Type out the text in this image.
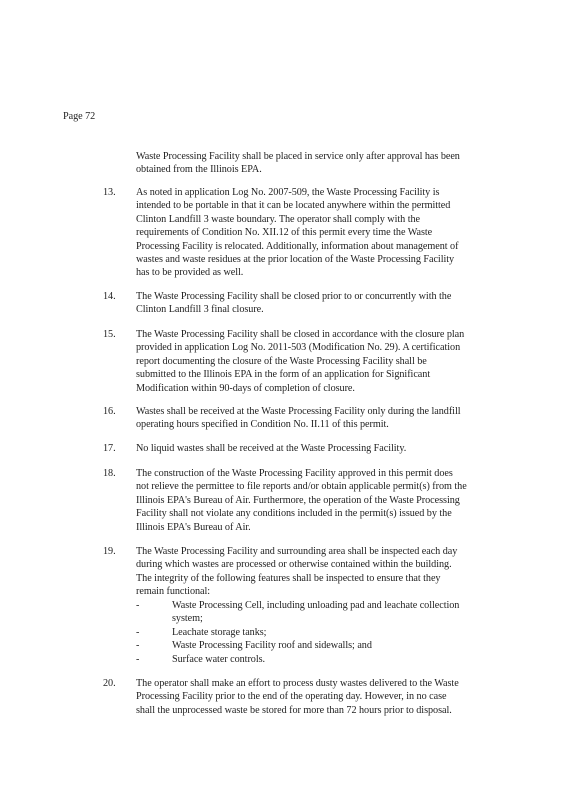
Page 72
Waste Processing Facility shall be placed in service only after approval has been
obtained from the Illinois EPA.
13.	As noted in application Log No. 2007-509, the Waste Processing Facility is
intended to be portable in that it can be located anywhere within the permitted
Clinton Landfill 3 waste boundary. The operator shall comply with the
requirements of Condition No. XII.12 of this permit every time the Waste
Processing Facility is relocated. Additionally, information about management of
wastes and waste residues at the prior location of the Waste Processing Facility
has to be provided as well.
14.	The Waste Processing Facility shall be closed prior to or concurrently with the
Clinton Landfill 3 final closure.
15.	The Waste Processing Facility shall be closed in accordance with the closure plan
provided in application Log No. 2011-503 (Modification No. 29). A certification
report documenting the closure of the Waste Processing Facility shall be
submitted to the Illinois EPA in the form of an application for Significant
Modification within 90-days of completion of closure.
16.	Wastes shall be received at the Waste Processing Facility only during the landfill
operating hours specified in Condition No. II.11 of this permit.
17.	No liquid wastes shall be received at the Waste Processing Facility.
18.	The construction of the Waste Processing Facility approved in this permit does
not relieve the permittee to file reports and/or obtain applicable permit(s) from the
Illinois EPA's Bureau of Air. Furthermore, the operation of the Waste Processing
Facility shall not violate any conditions included in the permit(s) issued by the
Illinois EPA's Bureau of Air.
19.	The Waste Processing Facility and surrounding area shall be inspected each day
during which wastes are processed or otherwise contained within the building.
The integrity of the following features shall be inspected to ensure that they
remain functional:
-	Waste Processing Cell, including unloading pad and leachate collection
system;
-	Leachate storage tanks;
-	Waste Processing Facility roof and sidewalls; and
-	Surface water controls.
20.	The operator shall make an effort to process dusty wastes delivered to the Waste
Processing Facility prior to the end of the operating day. However, in no case
shall the unprocessed waste be stored for more than 72 hours prior to disposal.
